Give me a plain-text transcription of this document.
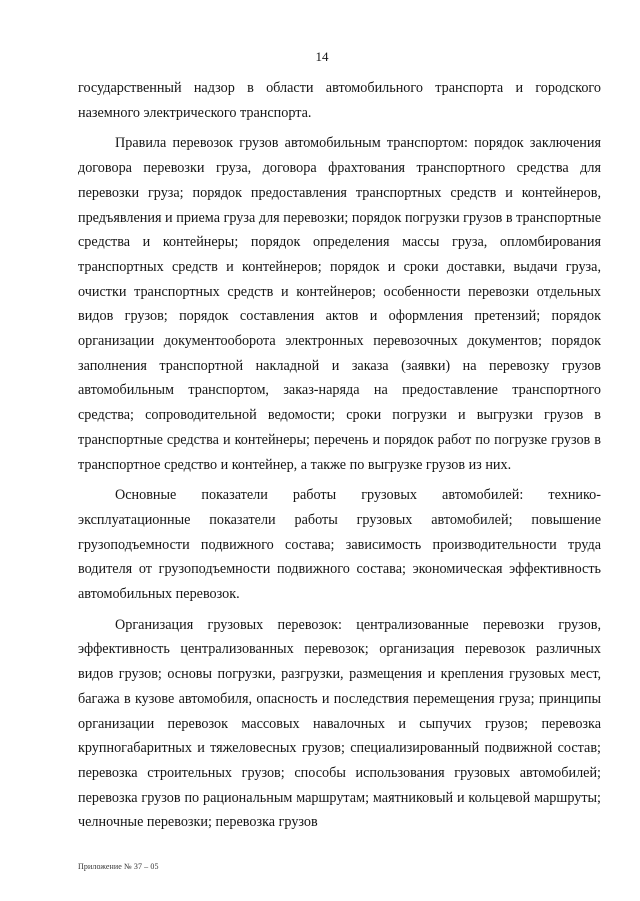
14

государственный надзор в области автомобильного транспорта и городского наземного электрического транспорта.

Правила перевозок грузов автомобильным транспортом: порядок заключения договора перевозки груза, договора фрахтования транспортного средства для перевозки груза; порядок предоставления транспортных средств и контейнеров, предъявления и приема груза для перевозки; порядок погрузки грузов в транспортные средства и контейнеры; порядок определения массы груза, опломбирования транспортных средств и контейнеров; порядок и сроки доставки, выдачи груза, очистки транспортных средств и контейнеров; особенности перевозки отдельных видов грузов; порядок составления актов и оформления претензий; порядок организации документооборота электронных перевозочных документов; порядок заполнения транспортной накладной и заказа (заявки) на перевозку грузов автомобильным транспортом, заказ-наряда на предоставление транспортного средства; сопроводительной ведомости; сроки погрузки и выгрузки грузов в транспортные средства и контейнеры; перечень и порядок работ по погрузке грузов в транспортное средство и контейнер, а также по выгрузке грузов из них.

Основные показатели работы грузовых автомобилей: технико-эксплуатационные показатели работы грузовых автомобилей; повышение грузоподъемности подвижного состава; зависимость производительности труда водителя от грузоподъемности подвижного состава; экономическая эффективность автомобильных перевозок.

Организация грузовых перевозок: централизованные перевозки грузов, эффективность централизованных перевозок; организация перевозок различных видов грузов; основы погрузки, разгрузки, размещения и крепления грузовых мест, багажа в кузове автомобиля, опасность и последствия перемещения груза; принципы организации перевозок массовых навалочных и сыпучих грузов; перевозка крупногабаритных и тяжеловесных грузов; специализированный подвижной состав; перевозка строительных грузов; способы использования грузовых автомобилей; перевозка грузов по рациональным маршрутам; маятниковый и кольцевой маршруты; челночные перевозки; перевозка грузов

Приложение № 37 – 05
